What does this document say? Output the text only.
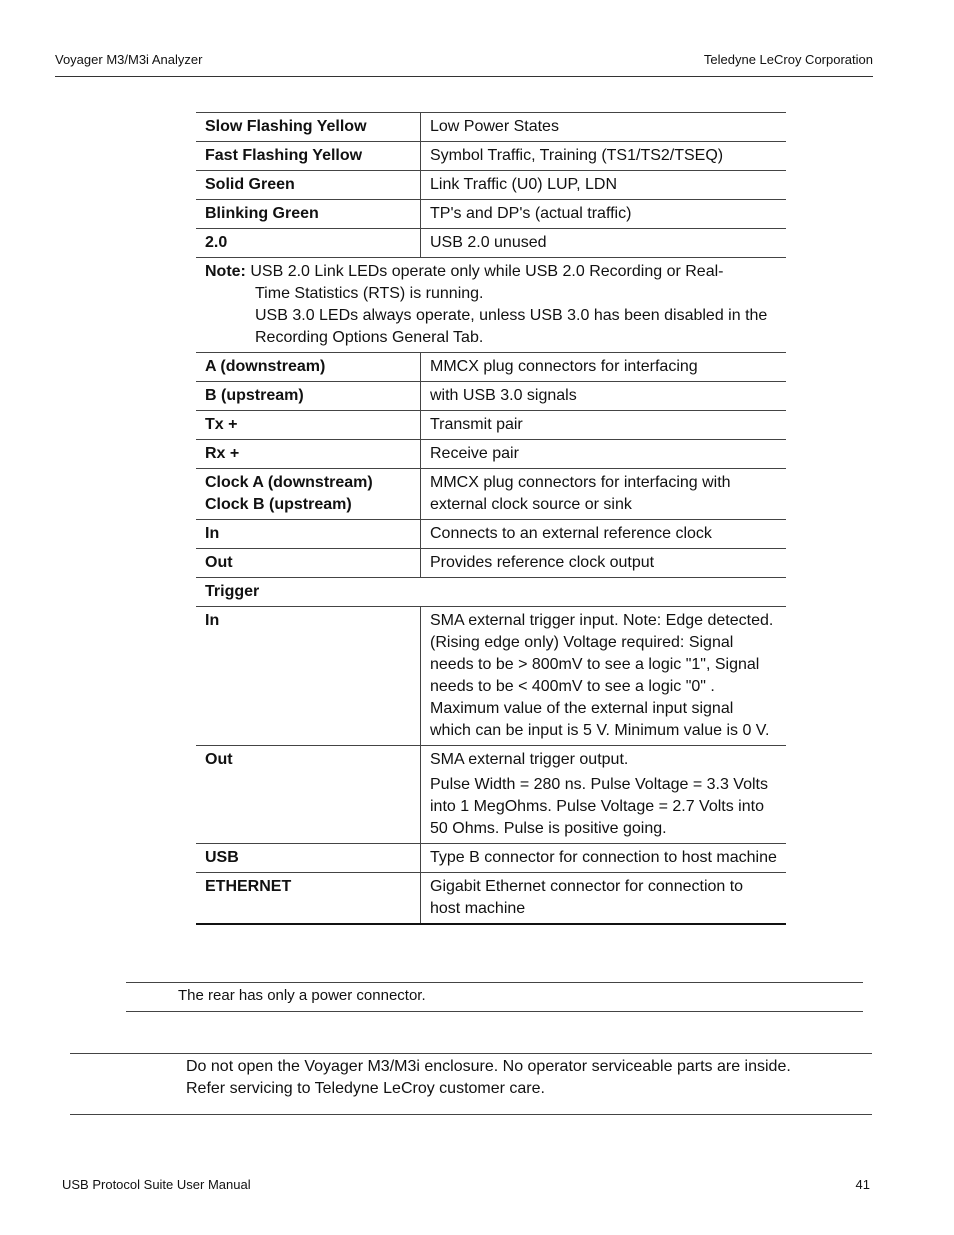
Voyager M3/M3i Analyzer	Teledyne LeCroy Corporation
Slow Flashing Yellow	Low Power States
Fast Flashing Yellow	Symbol Traffic, Training (TS1/TS2/TSEQ)
Solid Green	Link Traffic (U0) LUP, LDN
Blinking Green	TP's and DP's (actual traffic)
2.0	USB 2.0 unused

Note: USB 2.0 Link LEDs operate only while USB 2.0 Recording or Real-
Time Statistics (RTS) is running.
USB 3.0 LEDs always operate, unless USB 3.0 has been disabled in the
Recording Options General Tab.	

A (downstream)	MMCX plug connectors for interfacing
B (upstream)	with USB 3.0 signals
Tx +	Transmit pair
Rx +	Receive pair

Clock A (downstream)
Clock B (upstream)	MMCX plug connectors for interfacing with external clock source or sink
In	Connects to an external reference clock
Out	Provides reference clock output
Trigger	
In	SMA external trigger input. Note: Edge detected. (Rising edge only) Voltage required: Signal needs to be > 800mV to see a logic "1", Signal needs to be < 400mV to see a logic "0" . Maximum value of the external input signal which can be input is 5 V. Minimum value is 0 V.
Out	SMA external trigger output.
Pulse Width = 280 ns. Pulse Voltage = 3.3 Volts into 1 MegOhms. Pulse Voltage = 2.7 Volts into 50 Ohms. Pulse is positive going.

USB	Type B connector for connection to host machine
ETHERNET	Gigabit Ethernet connector for connection to host machine
The rear has only a power connector.
Do not open the Voyager M3/M3i enclosure. No operator serviceable parts are inside. Refer servicing to Teledyne LeCroy customer care.
USB Protocol Suite User Manual	41
